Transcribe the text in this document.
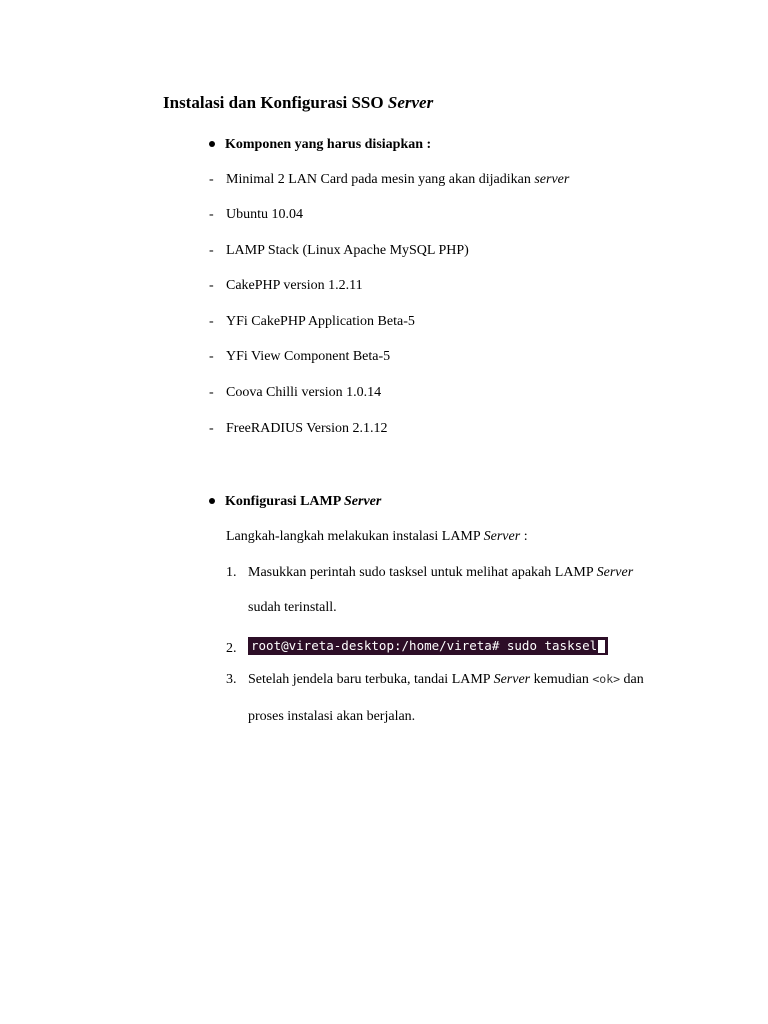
Instalasi dan Konfigurasi SSO Server
Komponen yang harus disiapkan :
- Minimal 2 LAN Card pada mesin yang akan dijadikan server
- Ubuntu 10.04
- LAMP Stack (Linux Apache MySQL PHP)
- CakePHP version 1.2.11
- YFi CakePHP Application Beta-5
- YFi View Component Beta-5
- Coova Chilli version 1.0.14
- FreeRADIUS Version 2.1.12
Konfigurasi LAMP Server
Langkah-langkah melakukan instalasi LAMP Server :
1. Masukkan perintah sudo tasksel untuk melihat apakah LAMP Server
sudah terinstall.
2. root@vireta-desktop:/home/vireta# sudo tasksel
3. Setelah jendela baru terbuka, tandai LAMP Server kemudian <ok> dan
proses instalasi akan berjalan.
